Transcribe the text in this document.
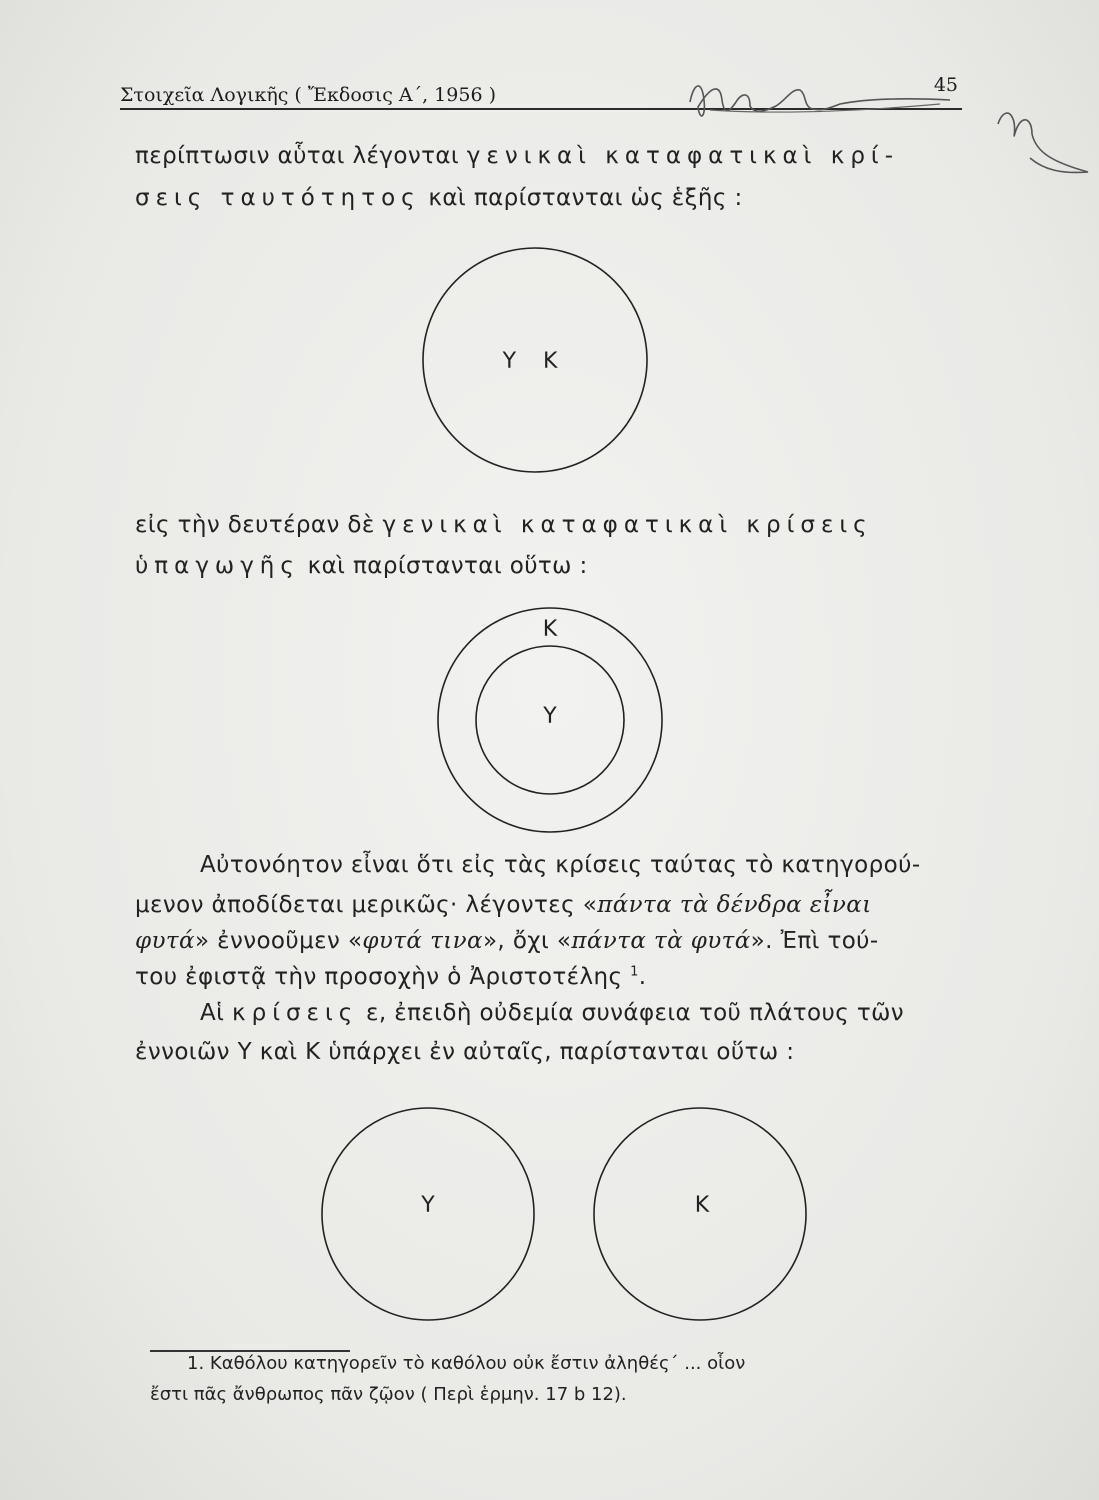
Στοιχεῖα Λογικῆς ( Ἔκδοσις Α΄, 1956 )	45
περίπτωσιν αὗται λέγονται γενικαὶ καταφατικαὶ κρί-
σεις ταυτότητος καὶ παρίστανται ὡς ἑξῆς :
Υ Κ
εἰς τὴν δευτέραν δὲ γενικαὶ καταφατικαὶ κρίσεις
ὑπαγωγῆς καὶ παρίστανται οὕτω :
Κ
Υ
Αὐτονόητον εἶναι ὅτι εἰς τὰς κρίσεις ταύτας τὸ κατηγορού-
μενον ἀποδίδεται μερικῶς· λέγοντες «πάντα τὰ δένδρα εἶναι
φυτά» ἐννοοῦμεν «φυτά τινα», ὄχι «πάντα τὰ φυτά». Ἐπὶ τού-
του ἐφιστᾷ τὴν προσοχὴν ὁ Ἀριστοτέλης $^1$.
Αἱ κρίσεις ε, ἐπειδὴ οὐδεμία συνάφεια τοῦ πλάτους τῶν
ἐννοιῶν Υ καὶ Κ ὑπάρχει ἐν αὐταῖς, παρίστανται οὕτω :
Υ	Κ
1. Καθόλου κατηγορεῖν τὸ καθόλου οὐκ ἔστιν ἀληθές΄ ... οἷον
ἔστι πᾶς ἄνθρωπος πᾶν ζῷον ( Περὶ ἑρμην. 17 b 12).
